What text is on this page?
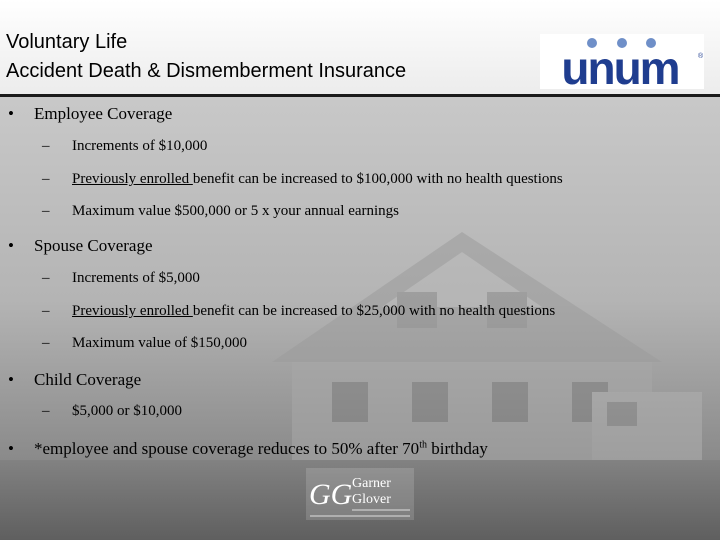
Voluntary Life
Accident Death & Dismemberment Insurance	unum	®
• Employee Coverage
– Increments of $10,000
– Previously enrolled benefit can be increased to $100,000 with no health questions
– Maximum value $500,000 or 5 x your annual earnings
• Spouse Coverage
– Increments of $5,000
– Previously enrolled benefit can be increased to $25,000 with no health questions
– Maximum value of $150,000
• Child Coverage
– $5,000 or $10,000
• *employee and spouse coverage reduces to 50% after 70th birthday
GG Garner
Glover
